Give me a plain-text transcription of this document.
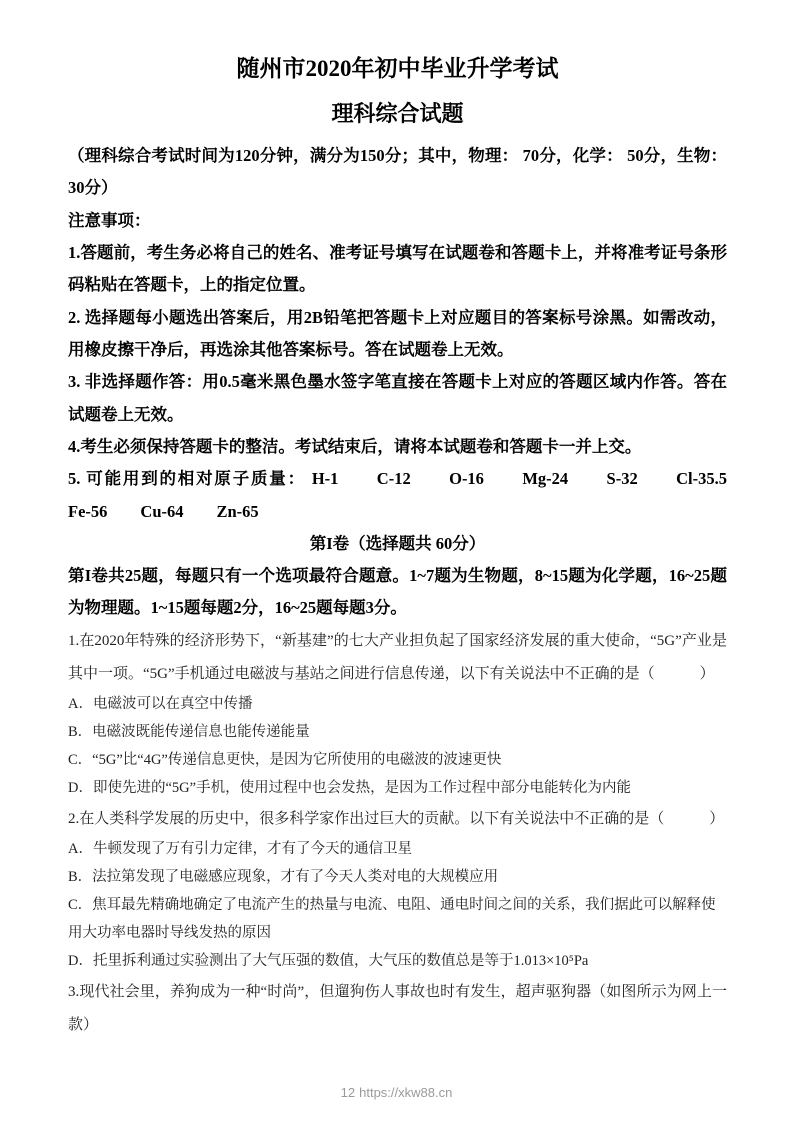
随州市2020年初中毕业升学考试
理科综合试题

（理科综合考试时间为120分钟，满分为150分；其中，物理： 70分，化学： 50分，生物：30分）

注意事项：

1.答题前，考生务必将自己的姓名、准考证号填写在试题卷和答题卡上，并将准考证号条形码粘贴在答题卡，上的指定位置。

2. 选择题每小题选出答案后，用2B铅笔把答题卡上对应题目的答案标号涂黑。如需改动，用橡皮擦干净后，再选涂其他答案标号。答在试题卷上无效。

3. 非选择题作答：用0.5毫米黑色墨水签字笔直接在答题卡上对应的答题区域内作答。答在试题卷上无效。

4.考生必须保持答题卡的整洁。考试结束后，请将本试题卷和答题卡一并上交。

5. 可能用到的相对原子质量： H-1　　C-12　　O-16　　Mg-24　　S-32　　Cl-35.5　　Fe-56　　Cu-64　　Zn-65

第I卷（选择题共 60分）

第I卷共25题，每题只有一个选项最符合题意。1~7题为生物题，8~15题为化学题，16~25题为物理题。1~15题每题2分，16~25题每题3分。

1.在2020年特殊的经济形势下，“新基建”的七大产业担负起了国家经济发展的重大使命，“5G”产业是其中一项。“5G”手机通过电磁波与基站之间进行信息传递，以下有关说法中不正确的是（　　　）

A．电磁波可以在真空中传播

B．电磁波既能传递信息也能传递能量

C．“5G”比“4G”传递信息更快，是因为它所使用的电磁波的波速更快

D．即使先进的“5G”手机，使用过程中也会发热，是因为工作过程中部分电能转化为内能

2.在人类科学发展的历史中，很多科学家作出过巨大的贡献。以下有关说法中不正确的是（　　　）

A．牛顿发现了万有引力定律，才有了今天的通信卫星

B．法拉第发现了电磁感应现象，才有了今天人类对电的大规模应用

C．焦耳最先精确地确定了电流产生的热量与电流、电阻、通电时间之间的关系，我们据此可以解释使用大功率电器时导线发热的原因

D．托里拆利通过实验测出了大气压强的数值，大气压的数值总是等于1.013×10⁵Pa

3.现代社会里，养狗成为一种“时尚”，但遛狗伤人事故也时有发生，超声驱狗器（如图所示为网上一款）

12 https://xkw88.cn
